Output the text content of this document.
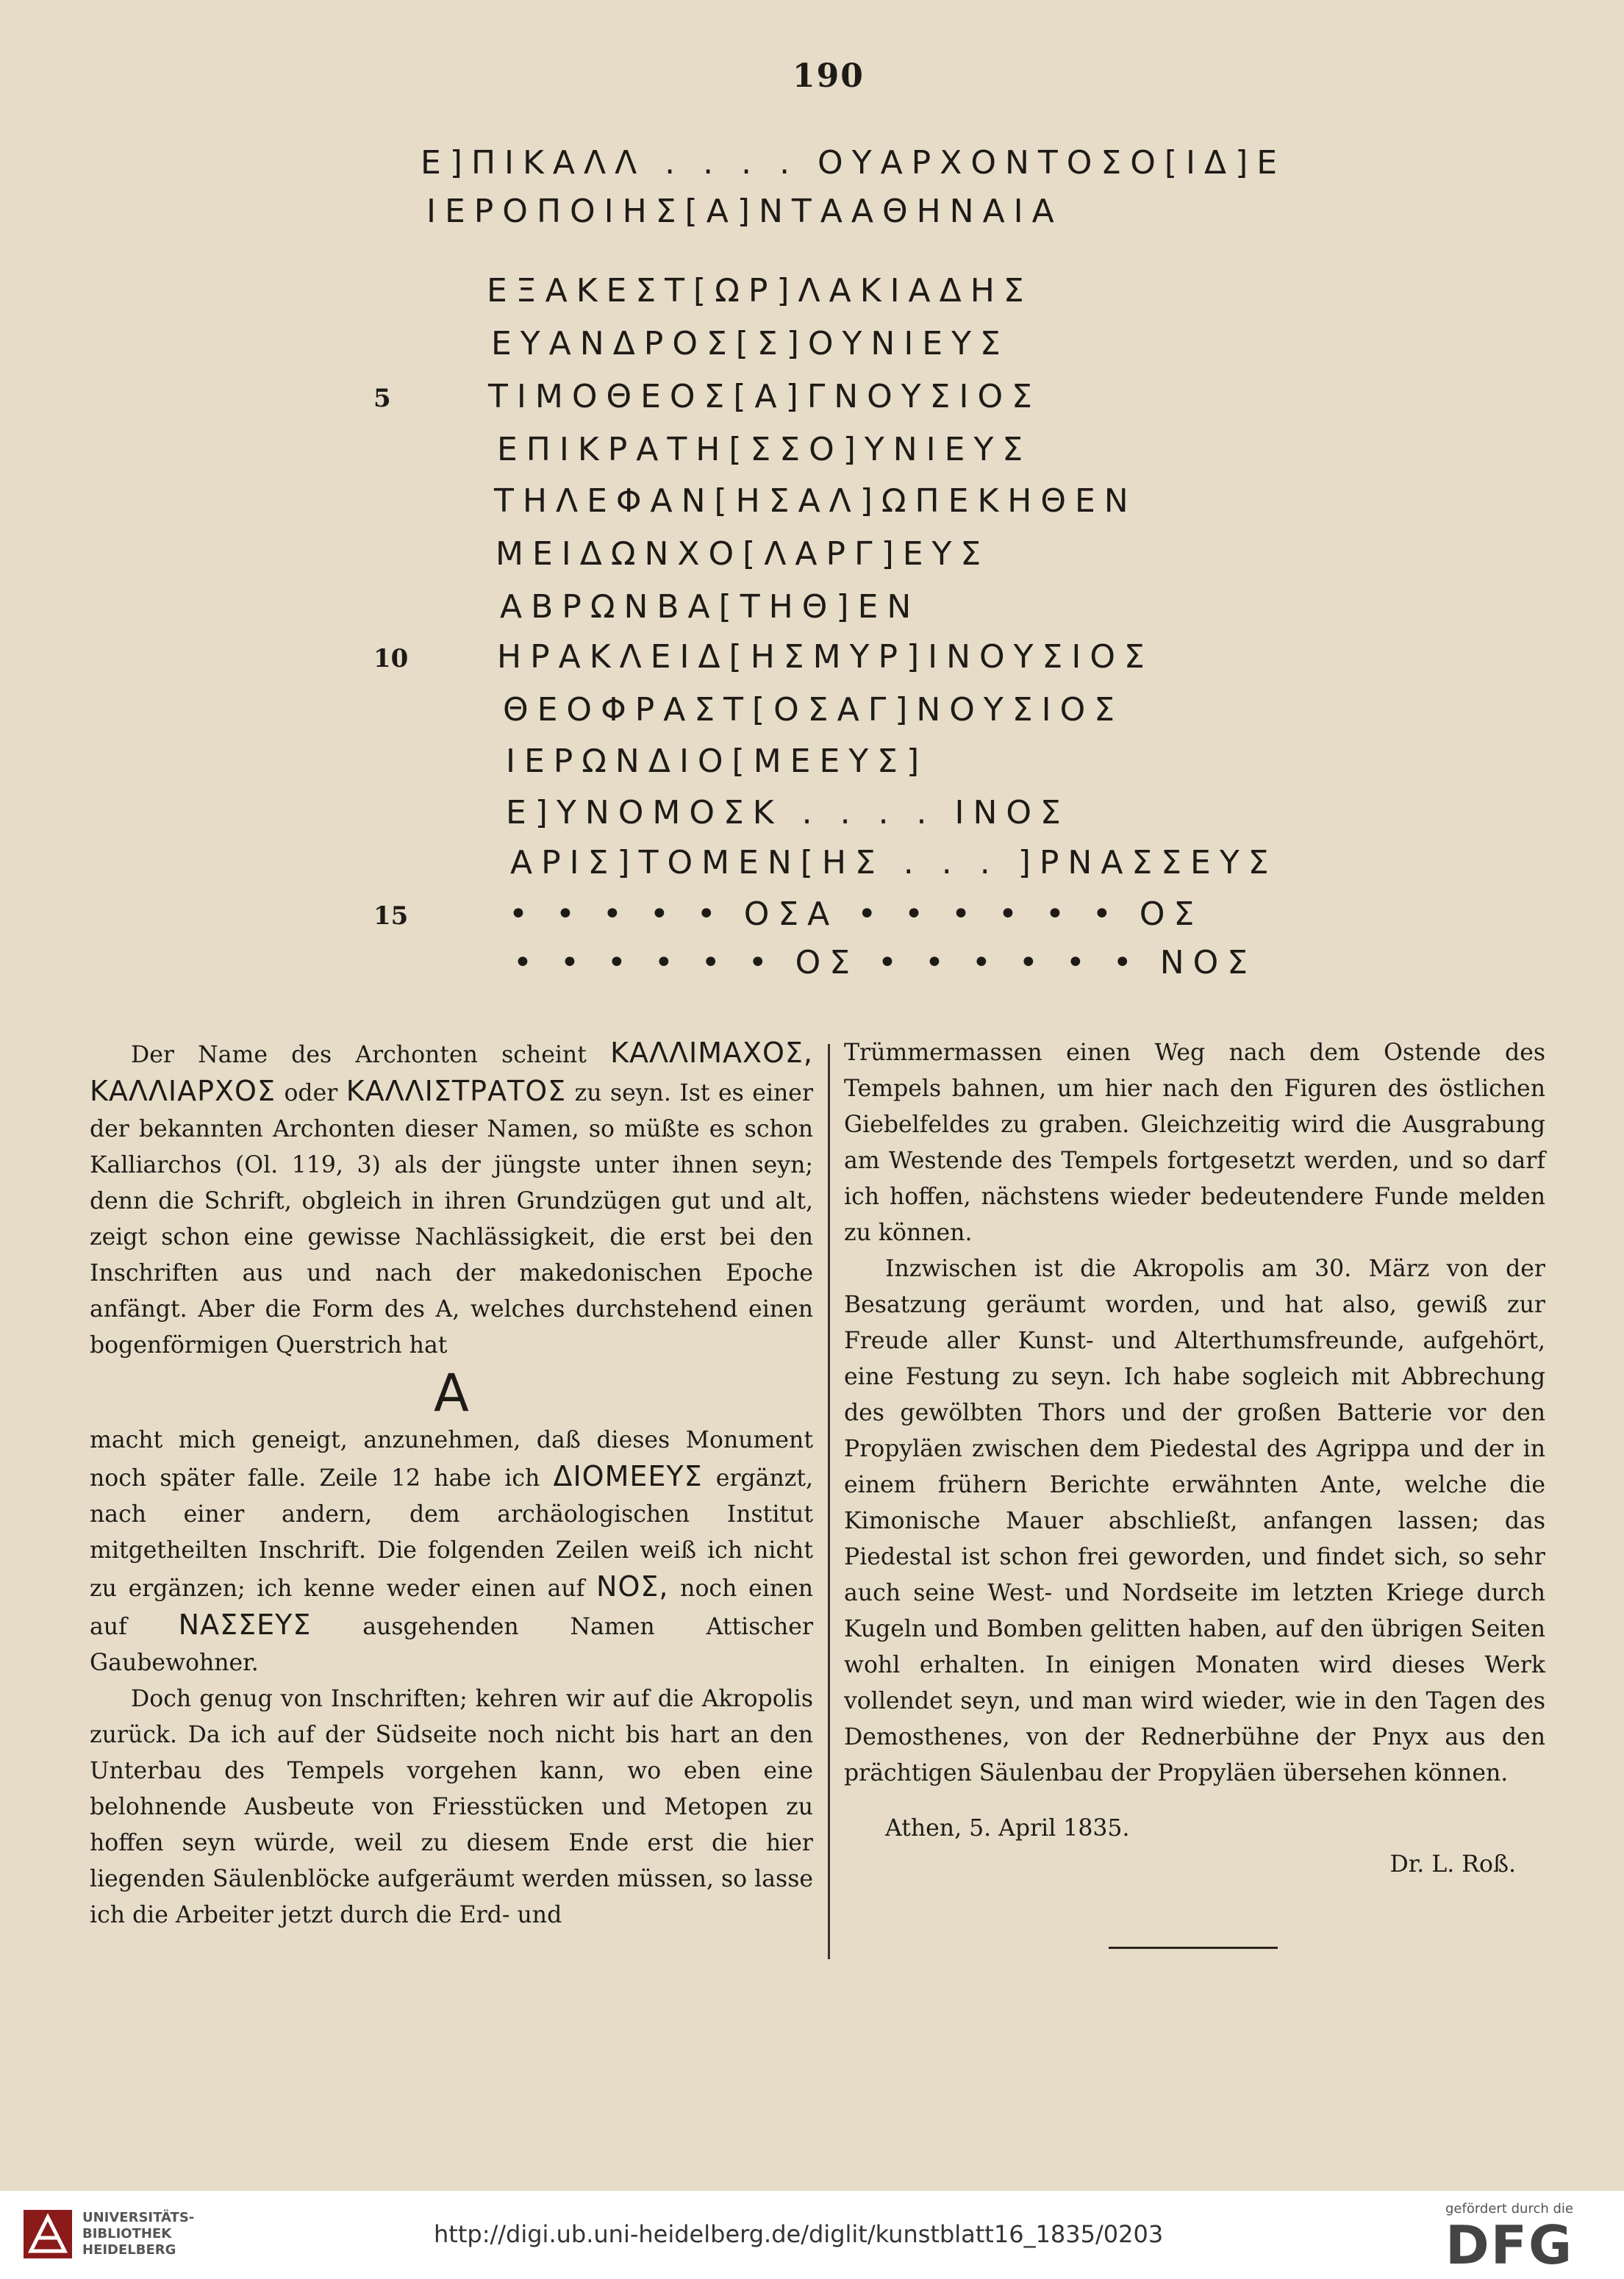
190
Ε]ΠΙΚΑΛΛ . . . . ΟΥΑΡΧΟΝΤΟΣΟ[ΙΔ]Ε
ΙΕΡΟΠΟΙΗΣ[Α]ΝΤΑΑΘΗΝΑΙΑ
ΕΞΑΚΕΣΤ[ΩΡ]ΛΑΚΙΑΔΗΣ
ΕΥΑΝΔΡΟΣ[Σ]ΟΥΝΙΕΥΣ
ΤΙΜΟΘΕΟΣ[Α]ΓΝΟΥΣΙΟΣ
ΕΠΙΚΡΑΤΗ[ΣΣΟ]ΥΝΙΕΥΣ
ΤΗΛΕΦΑΝ[ΗΣΑΛ]ΩΠΕΚΗΘΕΝ
ΜΕΙΔΩΝΧΟ[ΛΑΡΓ]ΕΥΣ
ΑΒΡΩΝΒΑ[ΤΗΘ]ΕΝ
ΗΡΑΚΛΕΙΔ[ΗΣΜΥΡ]ΙΝΟΥΣΙΟΣ
ΘΕΟΦΡΑΣΤ[ΟΣΑΓ]ΝΟΥΣΙΟΣ
ΙΕΡΩΝΔΙΟ[ΜΕΕΥΣ]
Ε]ΥΝΟΜΟΣΚ . . . . ΙΝΟΣ
ΑΡΙΣ]ΤΟΜΕΝ[ΗΣ . . . ]ΡΝΑΣΣΕΥΣ
• • • • • ΟΣΑ • • • • • • ΟΣ
• • • • • • ΟΣ • • • • • • ΝΟΣ
5
10
15

Der Name des Archonten scheint ΚΑΛΛΙΜΑΧΟΣ, ΚΑΛΛΙΑΡΧΟΣ oder ΚΑΛΛΙΣΤΡΑΤΟΣ zu seyn. Ist es einer der bekannten Archonten dieser Namen, so müßte es schon Kalliarchos (Ol. 119, 3) als der jüngste unter ihnen seyn; denn die Schrift, obgleich in ihren Grundzügen gut und alt, zeigt schon eine gewisse Nachlässigkeit, die erst bei den Inschriften aus und nach der makedonischen Epoche anfängt. Aber die Form des Α, welches durchstehend einen bogenförmigen Querstrich hat

Α

macht mich geneigt, anzunehmen, daß dieses Monument noch später falle. Zeile 12 habe ich ΔΙΟΜΕΕΥΣ ergänzt, nach einer andern, dem archäologischen Institut mitgetheilten Inschrift. Die folgenden Zeilen weiß ich nicht zu ergänzen; ich kenne weder einen auf ΝΟΣ, noch einen auf ΝΑΣΣΕΥΣ ausgehenden Namen Attischer Gaubewohner.

Doch genug von Inschriften; kehren wir auf die Akropolis zurück. Da ich auf der Südseite noch nicht bis hart an den Unterbau des Tempels vorgehen kann, wo eben eine belohnende Ausbeute von Friesstücken und Metopen zu hoffen seyn würde, weil zu diesem Ende erst die hier liegenden Säulenblöcke aufgeräumt werden müssen, so lasse ich die Arbeiter jetzt durch die Erd- und

Trümmermassen einen Weg nach dem Ostende des Tempels bahnen, um hier nach den Figuren des östlichen Giebelfeldes zu graben. Gleichzeitig wird die Ausgrabung am Westende des Tempels fortgesetzt werden, und so darf ich hoffen, nächstens wieder bedeutendere Funde melden zu können.

Inzwischen ist die Akropolis am 30. März von der Besatzung geräumt worden, und hat also, gewiß zur Freude aller Kunst- und Alterthumsfreunde, aufgehört, eine Festung zu seyn. Ich habe sogleich mit Abbrechung des gewölbten Thors und der großen Batterie vor den Propyläen zwischen dem Piedestal des Agrippa und der in einem frühern Berichte erwähnten Ante, welche die Kimonische Mauer abschließt, anfangen lassen; das Piedestal ist schon frei geworden, und findet sich, so sehr auch seine West- und Nordseite im letzten Kriege durch Kugeln und Bomben gelitten haben, auf den übrigen Seiten wohl erhalten. In einigen Monaten wird dieses Werk vollendet seyn, und man wird wieder, wie in den Tagen des Demosthenes, von der Rednerbühne der Pnyx aus den prächtigen Säulenbau der Propyläen übersehen können.

Athen, 5. April 1835.

Dr. L. Roß.

UNIVERSITÄTS-
BIBLIOTHEK
HEIDELBERG
http://digi.ub.uni-heidelberg.de/diglit/kunstblatt16_1835/0203
gefördert durch die
DFG
